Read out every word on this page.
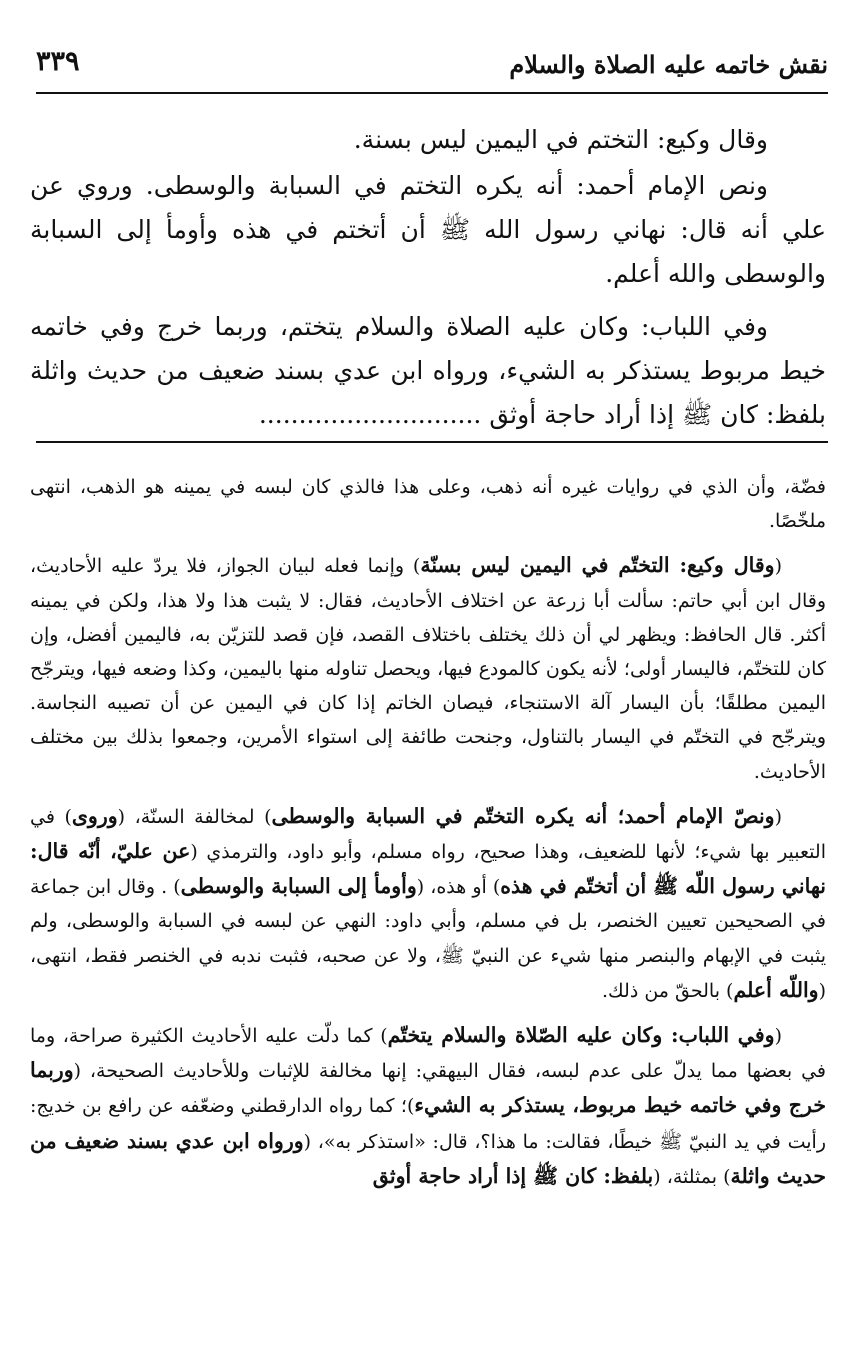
نقش خاتمه عليه الصلاة والسلام
٣٣٩

وقال وكيع: التختم في اليمين ليس بسنة.

ونص الإمام أحمد: أنه يكره التختم في السبابة والوسطى. وروي عن علي أنه قال: نهاني رسول الله ﷺ أن أتختم في هذه وأومأ إلى السبابة والوسطى والله أعلم.

وفي اللباب: وكان عليه الصلاة والسلام يتختم، وربما خرج وفي خاتمه خيط مربوط يستذكر به الشيء، ورواه ابن عدي بسند ضعيف من حديث واثلة بلفظ: كان ﷺ إذا أراد حاجة أوثق ............................

فضّة، وأن الذي في روايات غيره أنه ذهب، وعلى هذا فالذي كان لبسه في يمينه هو الذهب، انتهى ملخّصًا.

(وقال وكيع: التختّم في اليمين ليس بسنّة) وإنما فعله لبيان الجواز، فلا يردّ عليه الأحاديث، وقال ابن أبي حاتم: سألت أبا زرعة عن اختلاف الأحاديث، فقال: لا يثبت هذا ولا هذا، ولكن في يمينه أكثر. قال الحافظ: ويظهر لي أن ذلك يختلف باختلاف القصد، فإن قصد للتزيّن به، فاليمين أفضل، وإن كان للتختّم، فاليسار أولى؛ لأنه يكون كالمودع فيها، ويحصل تناوله منها باليمين، وكذا وضعه فيها، ويترجّح اليمين مطلقًا؛ بأن اليسار آلة الاستنجاء، فيصان الخاتم إذا كان في اليمين عن أن تصيبه النجاسة. ويترجّح في التختّم في اليسار بالتناول، وجنحت طائفة إلى استواء الأمرين، وجمعوا بذلك بين مختلف الأحاديث.

(ونصّ الإمام أحمد؛ أنه يكره التختّم في السبابة والوسطى) لمخالفة السنّة، (وروى) في التعبير بها شيء؛ لأنها للضعيف، وهذا صحيح، رواه مسلم، وأبو داود، والترمذي (عن عليّ، أنّه قال: نهاني رسول اللّه ﷺ أن أتختّم في هذه) أو هذه، (وأومأ إلى السبابة والوسطى) . وقال ابن جماعة في الصحيحين تعيين الخنصر، بل في مسلم، وأبي داود: النهي عن لبسه في السبابة والوسطى، ولم يثبت في الإبهام والبنصر منها شيء عن النبيّ ﷺ، ولا عن صحبه، فثبت ندبه في الخنصر فقط، انتهى، (واللّه أعلم) بالحقّ من ذلك.

(وفي اللباب: وكان عليه الصّلاة والسلام يتختّم) كما دلّت عليه الأحاديث الكثيرة صراحة، وما في بعضها مما يدلّ على عدم لبسه، فقال البيهقي: إنها مخالفة للإثبات وللأحاديث الصحيحة، (وربما خرج وفي خاتمه خيط مربوط، يستذكر به الشيء)؛ كما رواه الدارقطني وضعّفه عن رافع بن خديج: رأيت في يد النبيّ ﷺ خيطًا، فقالت: ما هذا؟، قال: «استذكر به»، (ورواه ابن عدي بسند ضعيف من حديث واثلة) بمثلثة، (بلفظ: كان ﷺ إذا أراد حاجة أوثق
